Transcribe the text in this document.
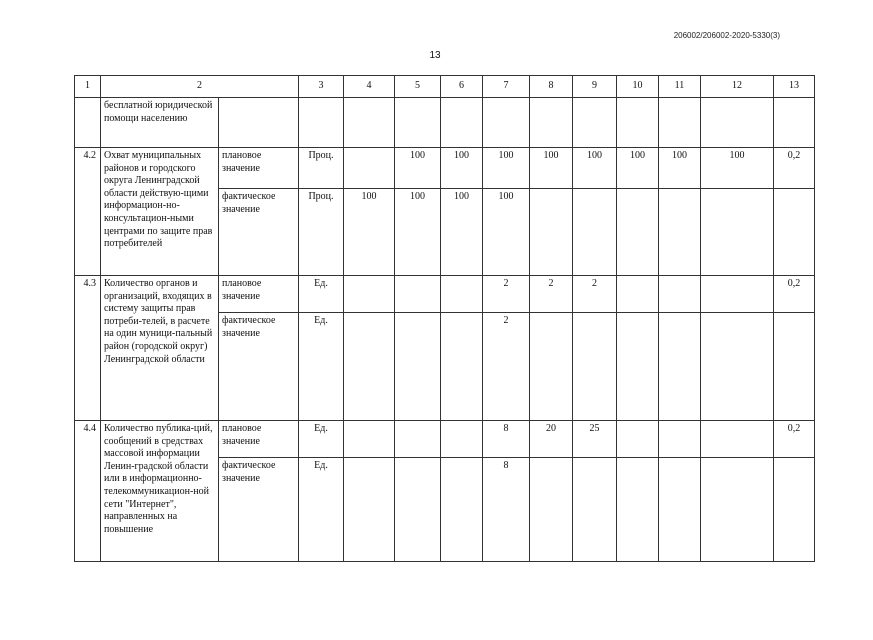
206002/206002-2020-5330(3)
13
1	2		3	4	5	6	7	8	9	10	11	12	13
	бесплатной юридической помощи населению												
4.2	Охват муниципальных районов и городского округа Ленинградской области действую-щими информацион-но-консультацион-ными центрами по защите прав потребителей	плановое значение	Проц.		100	100	100	100	100	100	100	100	0,2
		фактическое значение	Проц.	100	100	100	100						
4.3	Количество органов и организаций, входящих в систему защиты прав потреби-телей, в расчете на один муници-пальный район (городской округ) Ленинградской области	плановое значение	Ед.				2	2	2				0,2
		фактическое значение	Ед.				2						
4.4	Количество публика-ций, сообщений в средствах массовой информации Ленин-градской области или в информационно-телекоммуникацион-ной сети "Интернет", направленных на повышение	плановое значение	Ед.				8	20	25				0,2
		фактическое значение	Ед.				8						
